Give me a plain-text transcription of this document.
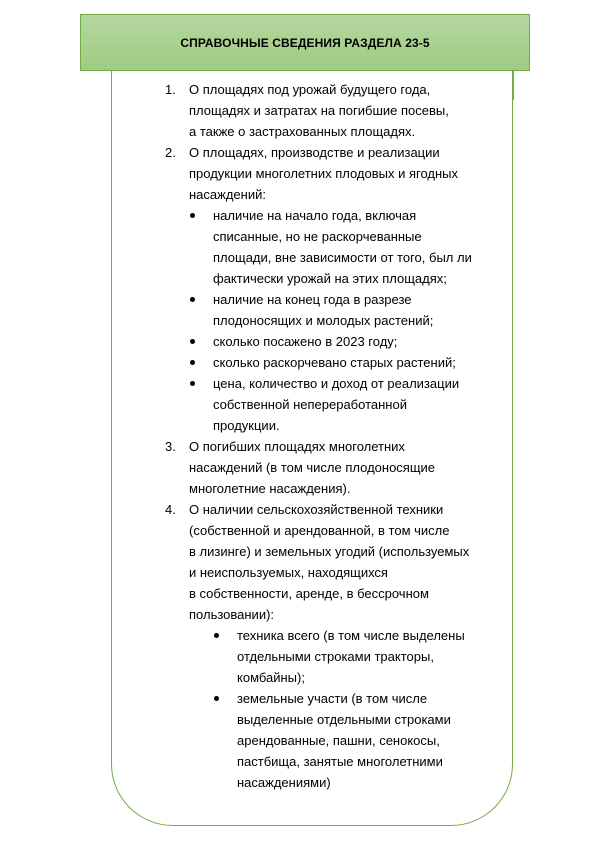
СПРАВОЧНЫЕ СВЕДЕНИЯ РАЗДЕЛА 23-5
1. О площадях под урожай будущего года,
площадях и затратах на погибшие посевы,
а также о застрахованных площадях.
2. О площадях, производстве и реализации
продукции многолетних плодовых и ягодных
насаждений:
наличие на начало года, включая
списанные, но не раскорчеванные
площади, вне зависимости от того, был ли
фактически урожай на этих площадях;
наличие на конец года в разрезе
плодоносящих и молодых растений;
сколько посажено в 2023 году;
сколько раскорчевано старых растений;
цена, количество и доход от реализации
собственной непереработанной
продукции.
3. О погибших площадях многолетних
насаждений (в том числе плодоносящие
многолетние насаждения).
4. О наличии сельскохозяйственной техники
(собственной и арендованной, в том числе
в лизинге) и земельных угодий (используемых
и неиспользуемых, находящихся
в собственности, аренде, в бессрочном
пользовании):
техника всего (в том числе выделены
отдельными строками тракторы,
комбайны);
земельные участи (в том числе
выделенные отдельными строками
арендованные, пашни, сенокосы,
пастбища, занятые многолетними
насаждениями)
